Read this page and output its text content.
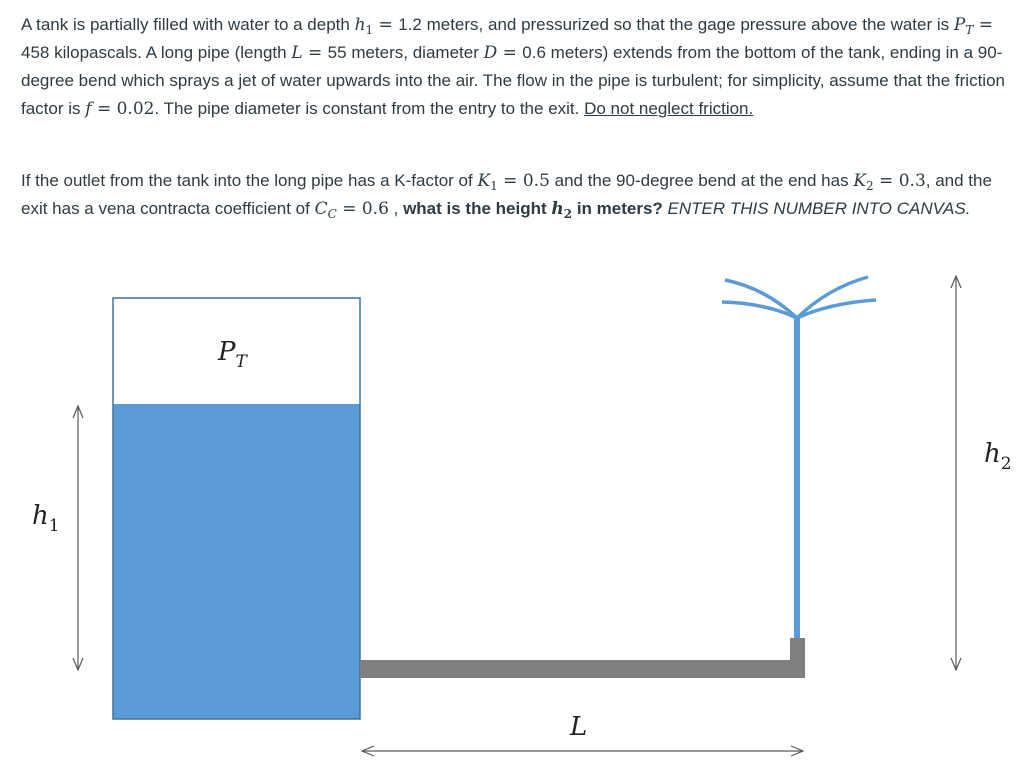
A tank is partially filled with water to a depth $h_1 = 1.2$ meters, and pressurized so that the gage pressure above the water is $P_T = 458$ kilopascals. A long pipe (length L = 55 meters, diameter D = 0.6 meters) extends from the bottom of the tank, ending in a 90-degree bend which sprays a jet of water upwards into the air. The flow in the pipe is turbulent; for simplicity, assume that the friction factor is f = 0.02. The pipe diameter is constant from the entry to the exit. Do not neglect friction.
If the outlet from the tank into the long pipe has a K-factor of $K_1 = 0.5$ and the 90-degree bend at the end has $K_2 = 0.3$, and the exit has a vena contracta coefficient of $C_C = 0.6$ , what is the height $h_2$ in meters? ENTER THIS NUMBER INTO CANVAS.
$P_T$
$h_1$
$h_2$
L
